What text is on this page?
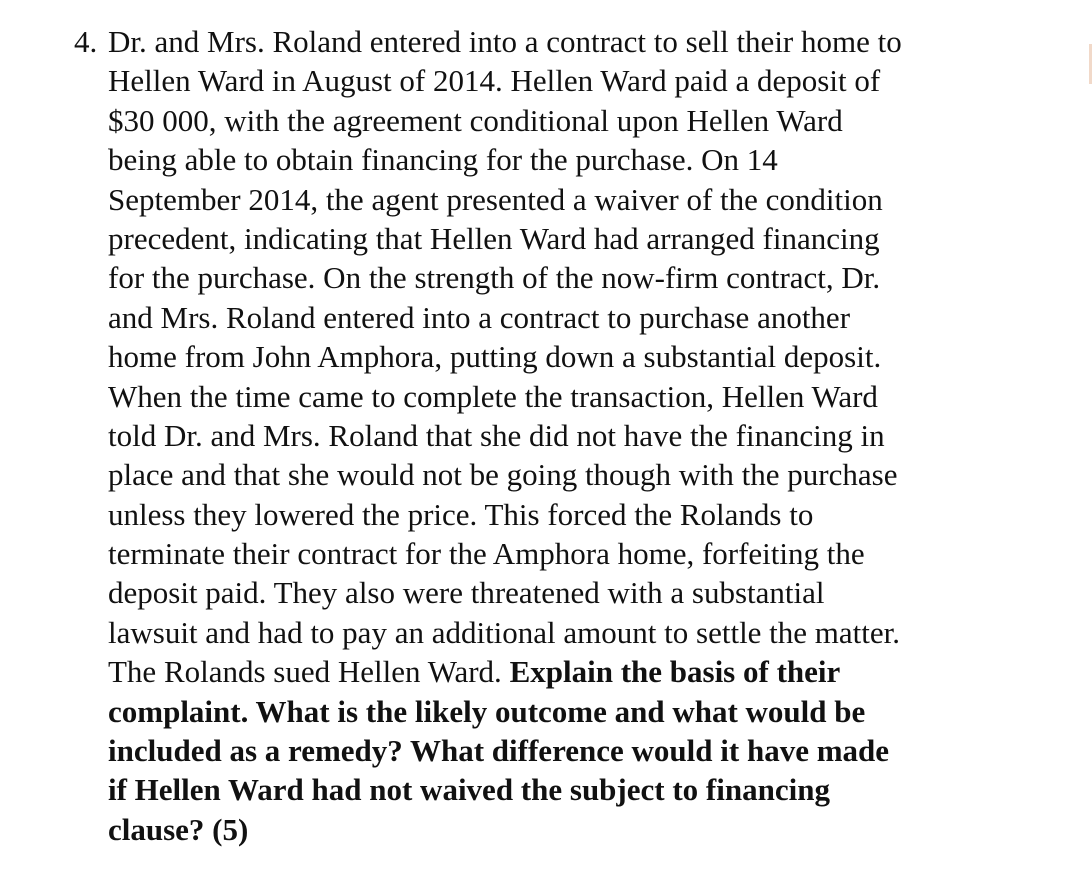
4. Dr. and Mrs. Roland entered into a contract to sell their home to
Hellen Ward in August of 2014. Hellen Ward paid a deposit of
$30 000, with the agreement conditional upon Hellen Ward
being able to obtain financing for the purchase. On 14
September 2014, the agent presented a waiver of the condition
precedent, indicating that Hellen Ward had arranged financing
for the purchase. On the strength of the now-firm contract, Dr.
and Mrs. Roland entered into a contract to purchase another
home from John Amphora, putting down a substantial deposit.
When the time came to complete the transaction, Hellen Ward
told Dr. and Mrs. Roland that she did not have the financing in
place and that she would not be going though with the purchase
unless they lowered the price. This forced the Rolands to
terminate their contract for the Amphora home, forfeiting the
deposit paid. They also were threatened with a substantial
lawsuit and had to pay an additional amount to settle the matter.
The Rolands sued Hellen Ward. Explain the basis of their
complaint. What is the likely outcome and what would be
included as a remedy? What difference would it have made
if Hellen Ward had not waived the subject to financing
clause? (5)
